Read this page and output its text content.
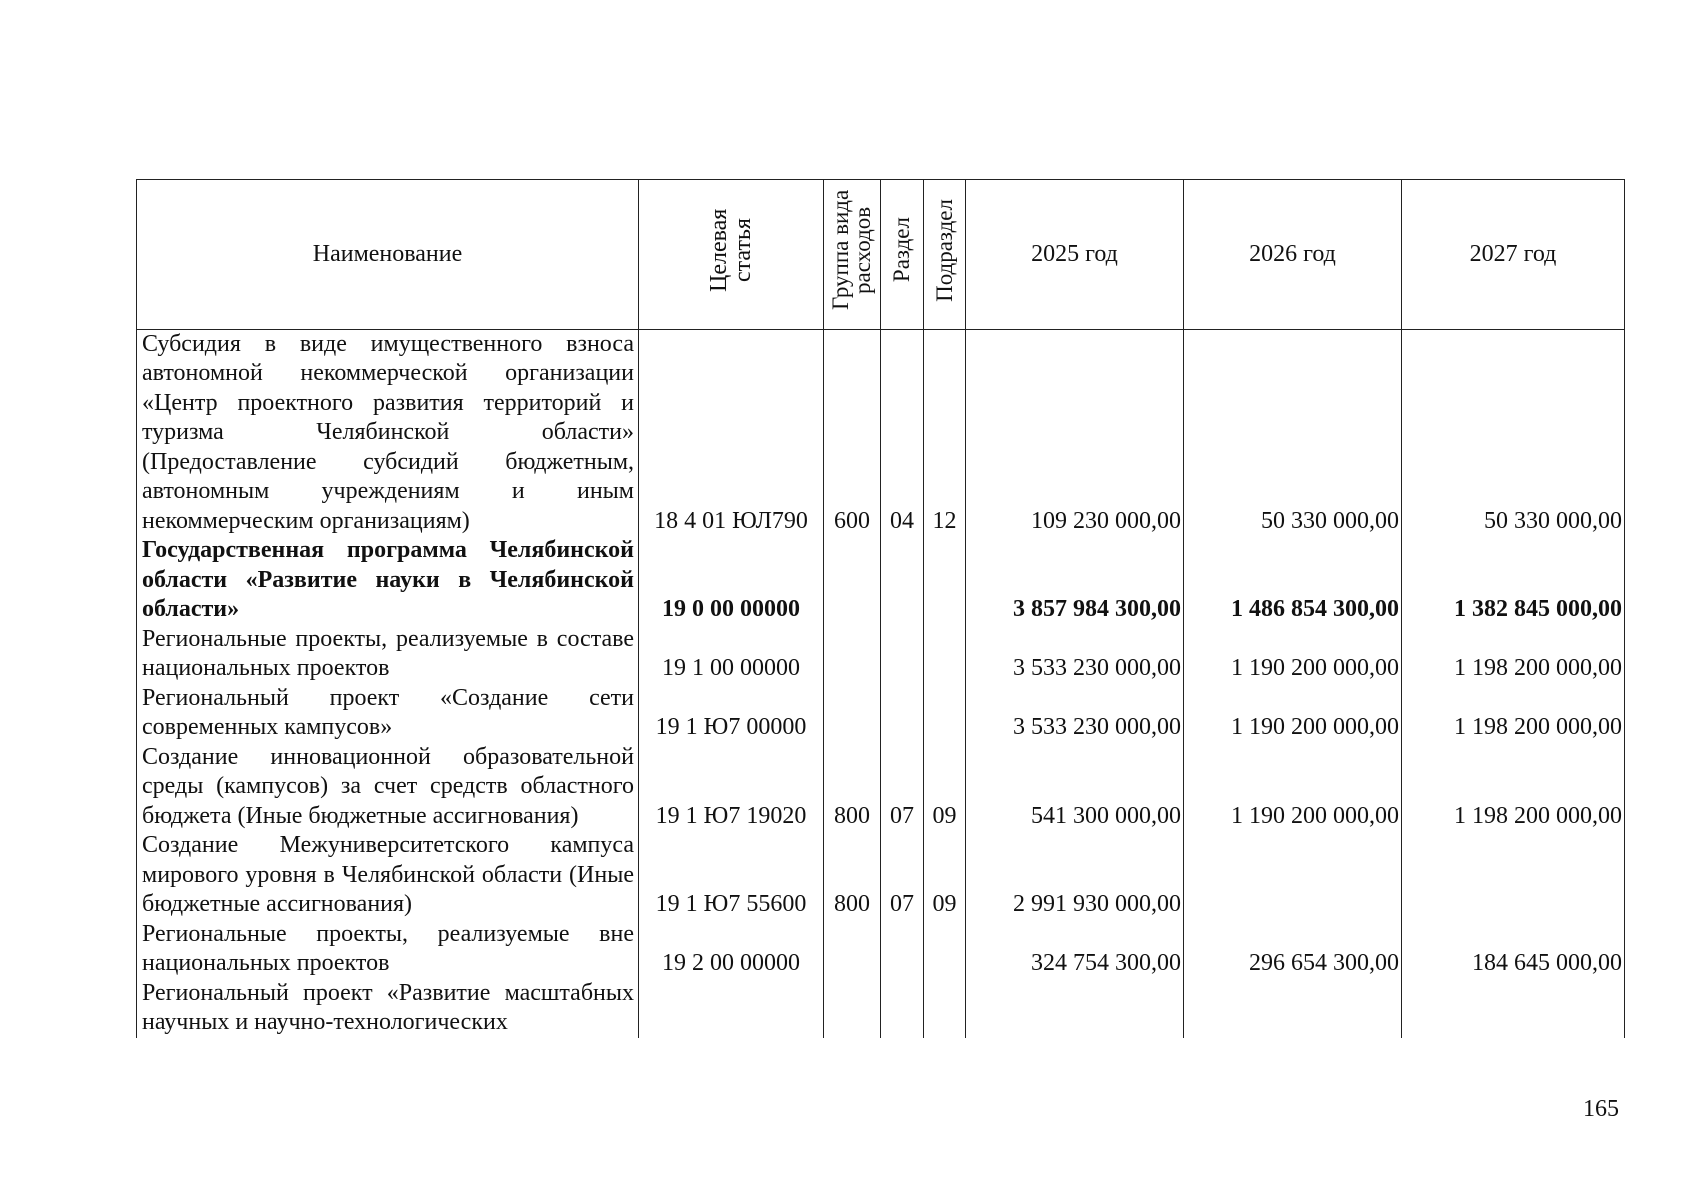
Наименование	Целевая статья	Группа вида расходов	Раздел	Подраздел	2025 год	2026 год	2027 год
Субсидия в виде имущественного взноса автономной некоммерческой организации «Центр проектного развития территорий и туризма Челябинской области» (Предоставление субсидий бюджетным, автономным учреждениям и иным некоммерческим организациям)	18 4 01 ЮЛ790	600	04	12	109 230 000,00	50 330 000,00	50 330 000,00
Государственная программа Челябинской области «Развитие науки в Челябинской области»	19 0 00 00000				3 857 984 300,00	1 486 854 300,00	1 382 845 000,00
Региональные проекты, реализуемые в составе национальных проектов	19 1 00 00000				3 533 230 000,00	1 190 200 000,00	1 198 200 000,00
Региональный проект «Создание сети современных кампусов»	19 1 Ю7 00000				3 533 230 000,00	1 190 200 000,00	1 198 200 000,00
Создание инновационной образовательной среды (кампусов) за счет средств областного бюджета (Иные бюджетные ассигнования)	19 1 Ю7 19020	800	07	09	541 300 000,00	1 190 200 000,00	1 198 200 000,00
Создание Межуниверситетского кампуса мирового уровня в Челябинской области (Иные бюджетные ассигнования)	19 1 Ю7 55600	800	07	09	2 991 930 000,00		
Региональные проекты, реализуемые вне национальных проектов	19 2 00 00000				324 754 300,00	296 654 300,00	184 645 000,00
Региональный проект «Развитие масштабных научных и научно-технологических							
165
